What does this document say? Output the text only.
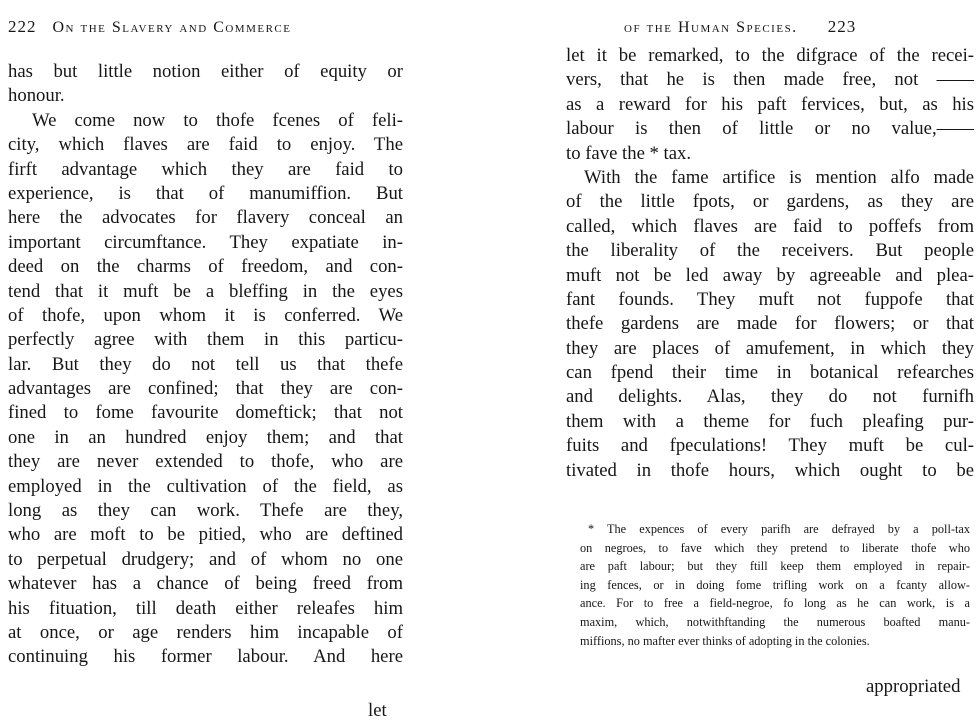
222 On the Slavery and Commerce
has but little notion either of equity or
honour.
We come now to thofe fcenes of feli-
city, which flaves are faid to enjoy. The
firft advantage which they are faid to
experience, is that of manumiffion. But
here the advocates for flavery conceal an
important circumftance. They expatiate in-
deed on the charms of freedom, and con-
tend that it muft be a bleffing in the eyes
of thofe, upon whom it is conferred. We
perfectly agree with them in this particu-
lar. But they do not tell us that thefe
advantages are confined; that they are con-
fined to fome favourite domeftick; that not
one in an hundred enjoy them; and that
they are never extended to thofe, who are
employed in the cultivation of the field, as
long as they can work. Thefe are they,
who are moft to be pitied, who are deftined
to perpetual drudgery; and of whom no one
whatever has a chance of being freed from
his fituation, till death either releafes him
at once, or age renders him incapable of
continuing his former labour. And here
let
of the Human Species. 223
let it be remarked, to the difgrace of the recei-
vers, that he is then made free, not ——
as a reward for his paft fervices, but, as his
labour is then of little or no value,——
to fave the * tax.
With the fame artifice is mention alfo made
of the little fpots, or gardens, as they are
called, which flaves are faid to poffefs from
the liberality of the receivers. But people
muft not be led away by agreeable and plea-
fant founds. They muft not fuppofe that
thefe gardens are made for flowers; or that
they are places of amufement, in which they
can fpend their time in botanical refearches
and delights. Alas, they do not furnifh
them with a theme for fuch pleafing pur-
fuits and fpeculations! They muft be cul-
tivated in thofe hours, which ought to be
* The expences of every parifh are defrayed by a poll-tax
on negroes, to fave which they pretend to liberate thofe who
are paft labour; but they ftill keep them employed in repair-
ing fences, or in doing fome trifling work on a fcanty allow-
ance. For to free a field-negroe, fo long as he can work, is a
maxim, which, notwithftanding the numerous boafted manu-
miffions, no mafter ever thinks of adopting in the colonies.
appropriated
